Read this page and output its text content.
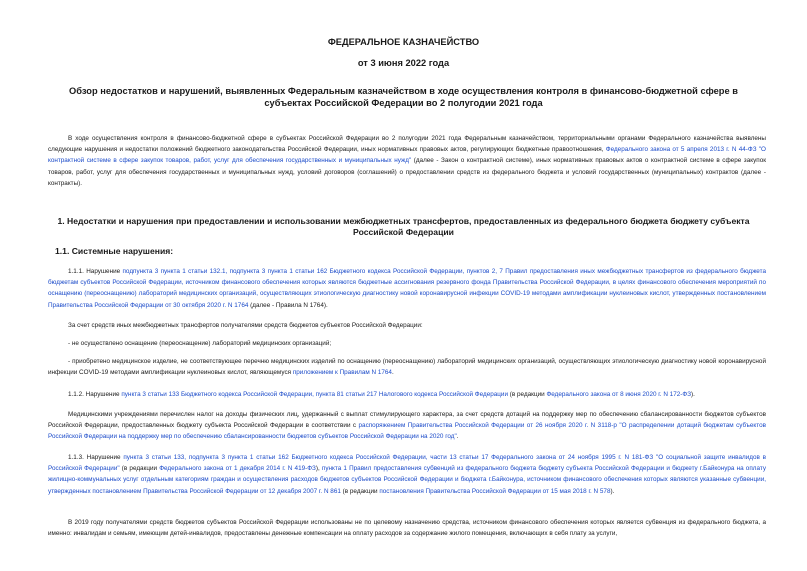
ФЕДЕРАЛЬНОЕ КАЗНАЧЕЙСТВО

от 3 июня 2022 года

Обзор недостатков и нарушений, выявленных Федеральным казначейством в ходе осуществления контроля в финансово-бюджетной сфере в субъектах Российской Федерации во 2 полугодии 2021 года

В ходе осуществления контроля в финансово-бюджетной сфере в субъектах Российской Федерации во 2 полугодии 2021 года Федеральным казначейством, территориальными органами Федерального казначейства выявлены следующие нарушения и недостатки положений бюджетного законодательства Российской Федерации, иных нормативных правовых актов, регулирующих бюджетные правоотношения, Федерального закона от 5 апреля 2013 г. N 44-ФЗ "О контрактной системе в сфере закупок товаров, работ, услуг для обеспечения государственных и муниципальных нужд" (далее - Закон о контрактной системе), иных нормативных правовых актов о контрактной системе в сфере закупок товаров, работ, услуг для обеспечения государственных и муниципальных нужд, условий договоров (соглашений) о предоставлении средств из федерального бюджета и условий государственных (муниципальных) контрактов (далее - контракты).

1. Недостатки и нарушения при предоставлении и использовании межбюджетных трансфертов, предоставленных из федерального бюджета бюджету субъекта Российской Федерации

1.1. Системные нарушения:

1.1.1. Нарушение подпункта 3 пункта 1 статьи 132.1, подпункта 3 пункта 1 статьи 162 Бюджетного кодекса Российской Федерации, пунктов 2, 7 Правил предоставления иных межбюджетных трансфертов из федерального бюджета бюджетам субъектов Российской Федерации, источником финансового обеспечения которых являются бюджетные ассигнования резервного фонда Правительства Российской Федерации, в целях финансового обеспечения мероприятий по оснащению (переоснащению) лабораторий медицинских организаций, осуществляющих этиологическую диагностику новой коронавирусной инфекции COVID-19 методами амплификации нуклеиновых кислот, утвержденных постановлением Правительства Российской Федерации от 30 октября 2020 г. N 1764 (далее - Правила N 1764).

За счет средств иных межбюджетных трансфертов получателями средств бюджетов субъектов Российской Федерации:

- не осуществлено оснащение (переоснащение) лабораторий медицинских организаций;

- приобретено медицинское изделие, не соответствующее перечню медицинских изделий по оснащению (переоснащению) лабораторий медицинских организаций, осуществляющих этиологическую диагностику новой коронавирусной инфекции COVID-19 методами амплификации нуклеиновых кислот, являющемуся приложением к Правилам N 1764.

1.1.2. Нарушение пункта 3 статьи 133 Бюджетного кодекса Российской Федерации, пункта 81 статьи 217 Налогового кодекса Российской Федерации (в редакции Федерального закона от 8 июня 2020 г. N 172-ФЗ).

Медицинскими учреждениями перечислен налог на доходы физических лиц, удержанный с выплат стимулирующего характера, за счет средств дотаций на поддержку мер по обеспечению сбалансированности бюджетов субъектов Российской Федерации, предоставленных бюджету субъекта Российской Федерации в соответствии с распоряжением Правительства Российской Федерации от 26 ноября 2020 г. N 3118-р "О распределении дотаций бюджетам субъектов Российской Федерации на поддержку мер по обеспечению сбалансированности бюджетов субъектов Российской Федерации на 2020 год".

1.1.3. Нарушение пункта 3 статьи 133, подпункта 3 пункта 1 статьи 162 Бюджетного кодекса Российской Федерации, части 13 статьи 17 Федерального закона от 24 ноября 1995 г. N 181-ФЗ "О социальной защите инвалидов в Российской Федерации" (в редакции Федерального закона от 1 декабря 2014 г. N 419-ФЗ), пункта 1 Правил предоставления субвенций из федерального бюджета бюджету субъекта Российской Федерации и бюджету г.Байконура на оплату жилищно-коммунальных услуг отдельным категориям граждан и осуществления расходов бюджетов субъектов Российской Федерации и бюджета г.Байконура, источником финансового обеспечения которых являются указанные субвенции, утвержденных постановлением Правительства Российской Федерации от 12 декабря 2007 г. N 861 (в редакции постановления Правительства Российской Федерации от 15 мая 2018 г. N 578).

В 2019 году получателями средств бюджетов субъектов Российской Федерации использованы не по целевому назначению средства, источником финансового обеспечения которых является субвенция из федерального бюджета, а именно: инвалидам и семьям, имеющим детей-инвалидов, предоставлены денежные компенсации на оплату расходов за содержание жилого помещения, включающих в себя плату за услуги,
